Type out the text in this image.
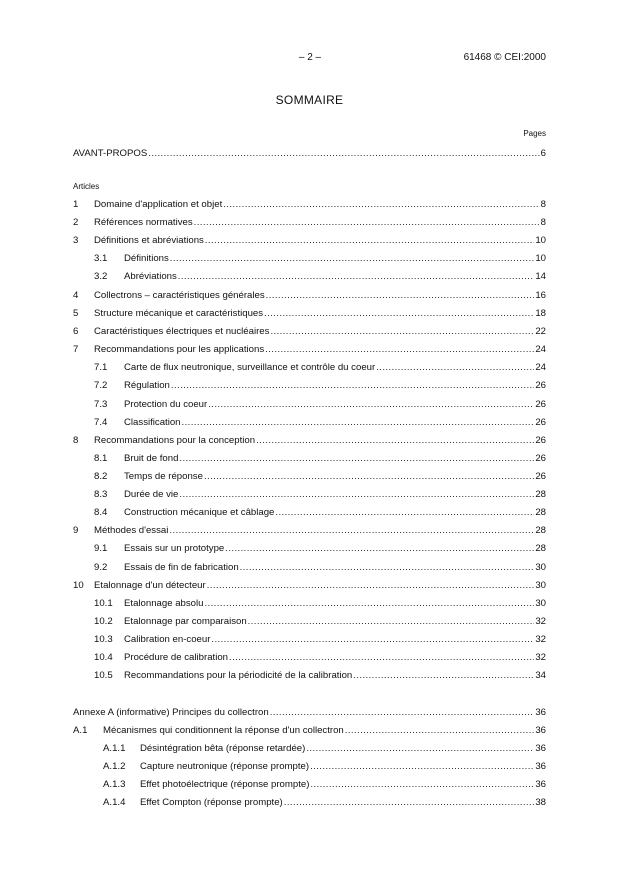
– 2 –	61468 © CEI:2000
SOMMAIRE
Pages
Articles
AVANT-PROPOS .....	6
1	Domaine d'application et objet .....	8
2	Références normatives .....	8
3	Définitions et abréviations .....	10
3.1	Définitions .....	10
3.2	Abréviations .....	14
4	Collectrons – caractéristiques générales .....	16
5	Structure mécanique et caractéristiques .....	18
6	Caractéristiques électriques et nucléaires .....	22
7	Recommandations pour les applications .....	24
7.1	Carte de flux neutronique, surveillance et contrôle du coeur .....	24
7.2	Régulation .....	26
7.3	Protection du coeur .....	26
7.4	Classification .....	26
8	Recommandations pour la conception .....	26
8.1	Bruit de fond .....	26
8.2	Temps de réponse .....	26
8.3	Durée de vie .....	28
8.4	Construction mécanique et câblage .....	28
9	Méthodes d'essai .....	28
9.1	Essais sur un prototype .....	28
9.2	Essais de fin de fabrication .....	30
10	Etalonnage d'un détecteur .....	30
10.1	Etalonnage absolu .....	30
10.2	Etalonnage par comparaison .....	32
10.3	Calibration en-coeur .....	32
10.4	Procédure de calibration .....	32
10.5	Recommandations pour la périodicité de la calibration .....	34
Annexe A (informative) Principes du collectron .....	36
A.1	Mécanismes qui conditionnent la réponse d'un collectron .....	36
A.1.1	Désintégration bêta (réponse retardée) .....	36
A.1.2	Capture neutronique (réponse prompte) .....	36
A.1.3	Effet photoélectrique (réponse prompte) .....	36
A.1.4	Effet Compton (réponse prompte) .....	38
